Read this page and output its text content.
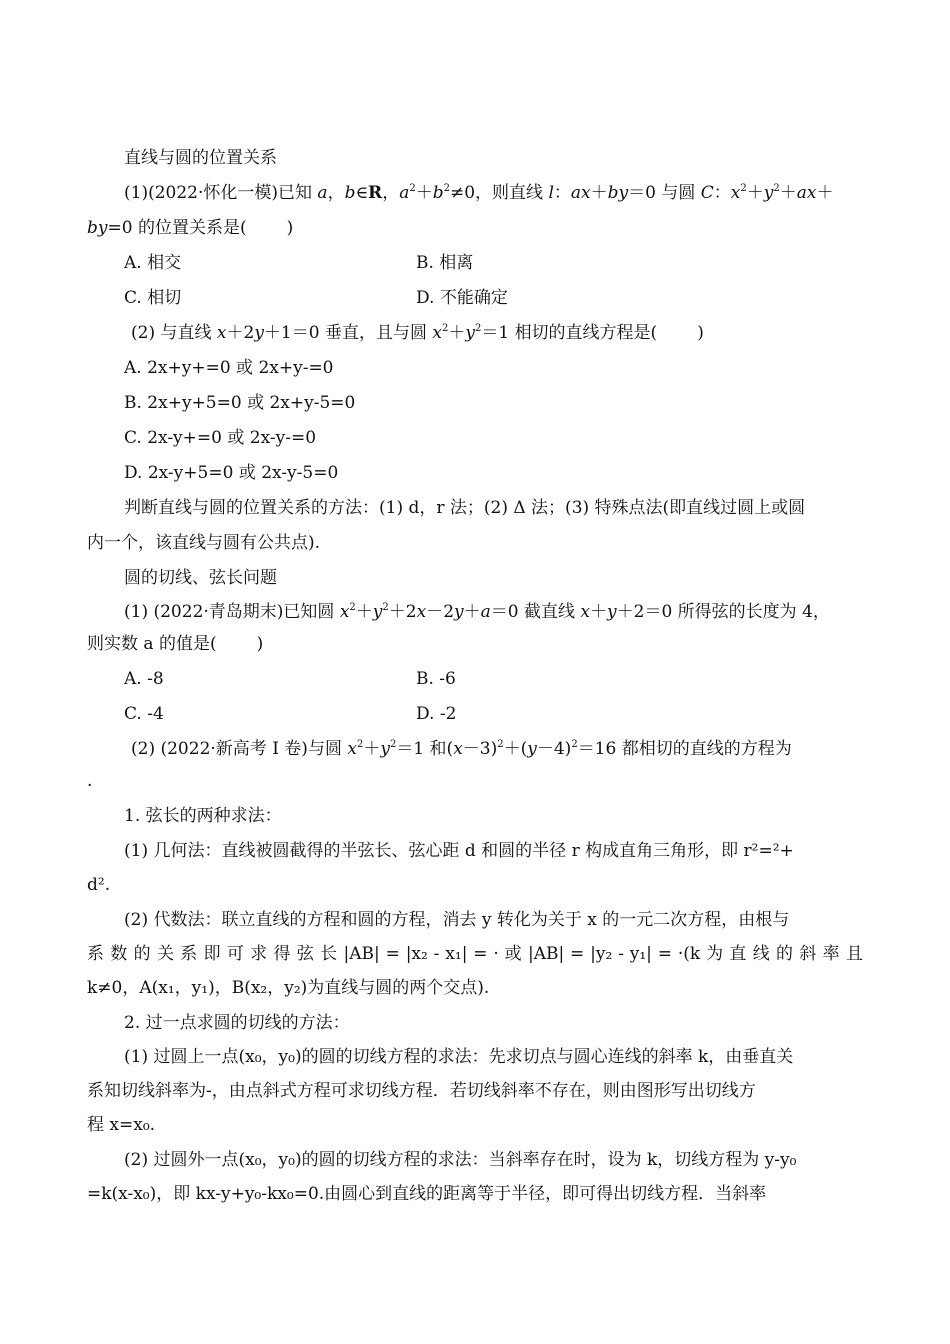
直线与圆的位置关系
(1)(2022·怀化一模)已知 a，b∈R，$a^2+b^2\ne 0$，则直线 l：ax＋by＝0 与圆 C：$x^2+y^2+ax+$
by=0 的位置关系是( )
A. 相交	B. 相离
C. 相切	D. 不能确定
(2) 与直线 x＋2y＋1＝0 垂直，且与圆 $x^2+y^2=1$ 相切的直线方程是( )
A. 2x+y+=0 或 2x+y-=0
B. 2x+y+5=0 或 2x+y-5=0
C. 2x-y+=0 或 2x-y-=0
D. 2x-y+5=0 或 2x-y-5=0
判断直线与圆的位置关系的方法：(1) d，r 法；(2) Δ 法；(3) 特殊点法(即直线过圆上或圆
内一个，该直线与圆有公共点).
圆的切线、弦长问题
(1) (2022·青岛期末)已知圆 $x^2+y^2+2x-2y+a=0$ 截直线 x＋y＋2＝0 所得弦的长度为 4，
则实数 a 的值是( )
A. -8	B. -6
C. -4	D. -2
(2) (2022·新高考 Ⅰ 卷)与圆 $x^2+y^2=1$ 和$(x-3)^2+(y-4)^2=16$ 都相切的直线的方程为
.
1. 弦长的两种求法：
(1) 几何法：直线被圆截得的半弦长、弦心距 d 和圆的半径 r 构成直角三角形，即 r²=²+
d².
(2) 代数法：联立直线的方程和圆的方程，消去 y 转化为关于 x 的一元二次方程，由根与
系 数 的 关 系 即 可 求 得 弦 长 |AB| = |x₂ - x₁| = · 或 |AB| = |y₂ - y₁| = ·(k 为 直 线 的 斜 率 且
k≠0，A(x₁，y₁)，B(x₂，y₂)为直线与圆的两个交点).
2. 过一点求圆的切线的方法：
(1) 过圆上一点(x₀，y₀)的圆的切线方程的求法：先求切点与圆心连线的斜率 k，由垂直关
系知切线斜率为-，由点斜式方程可求切线方程．若切线斜率不存在，则由图形写出切线方
程 x=x₀.
(2) 过圆外一点(x₀，y₀)的圆的切线方程的求法：当斜率存在时，设为 k，切线方程为 y-y₀
=k(x-x₀)，即 kx-y+y₀-kx₀=0.由圆心到直线的距离等于半径，即可得出切线方程．当斜率
